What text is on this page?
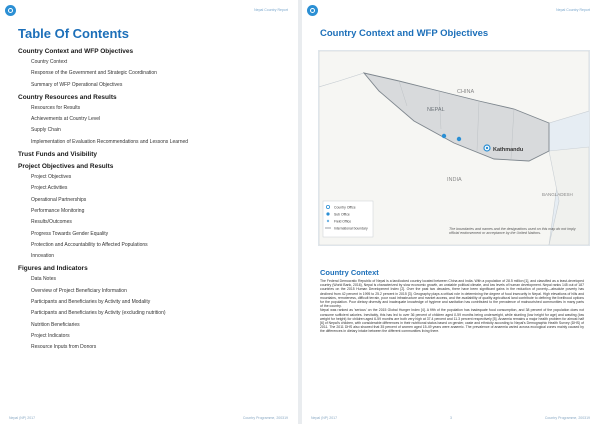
Nepal Country Report
Table Of Contents
Country Context and WFP Objectives
Country Context
Response of the Government and Strategic Coordination
Summary of WFP Operational Objectives
Country Resources and Results
Resources for Results
Achievements at Country Level
Supply Chain
Implementation of Evaluation Recommendations and Lessons Learned
Trust Funds and Visibility
Project Objectives and Results
Project Objectives
Project Activities
Operational Partnerships
Performance Monitoring
Results/Outcomes
Progress Towards Gender Equality
Protection and Accountability to Affected Populations
Innovation
Figures and Indicators
Data Notes
Overview of Project Beneficiary Information
Participants and Beneficiaries by Activity and Modality
Participants and Beneficiaries by Activity (excluding nutrition)
Nutrition Beneficiaries
Project Indicators
Resource Inputs from Donors
Nepal (NP) 2017	Country Programme, 200319
Nepal Country Report
Country Context and WFP Objectives
CHINA
NEPAL
Kathmandu
INDIA
BANGLADESH
Country Office
Sub Office
Field Office
International boundary	The boundaries and names and the designations used on this map do not imply official endorsement or acceptance by the United Nations.
Country Context

The Federal Democratic Republic of Nepal is a landlocked country located between China and India. With a population of 28.5 million [1], and classified as a least-developed country (World Bank, 2016), Nepal is characterized by slow economic growth, an unstable political climate, and low levels of human development. Nepal ranks 145 out of 187 countries on the 2015 Human Development Index [2]. Over the past two decades, there have been significant gains in the reduction of poverty—absolute poverty has declined from 42 percent in 1995 to 25.2 percent in 2015 [3]. Geography plays a critical role in determining the degree of food insecurity in Nepal. High elevations of hills and mountains, remoteness, difficult terrain, poor road infrastructure and market access, and the availability of quality agricultural land contribute to defining the livelihood options for the population. Poor dietary diversity and inadequate knowledge of hygiene and sanitation has contributed to the prevalence of malnourished communities in many parts of the country.

Nepal was ranked as 'serious' on the 2015 Global Hunger Index [4]. A fifth of the population has inadequate food consumption, and 38 percent of the population does not consume sufficient calories. Inevitably, this has led to over 36 percent of children aged 0-59 months being underweight, while stunting (low height for age) and wasting (low weight for height) for children aged 6-59 months are both very high at 37.4 percent and 11.3 percent respectively [5]. Anaemia remains a major health problem for almost half [6] of Nepal's children, with considerable differences in their nutritional status based on gender, caste and ethnicity according to Nepal's Demographic Health Survey (DHS) of 2011. The 2011 DHS also showed that 35 percent of women aged 15-49 years were anaemic. The prevalence of anaemia varied across ecological zones mainly caused by the differences in dietary intake between the different communities living there.

Nepal (NP) 2017	3	Country Programme, 200319
